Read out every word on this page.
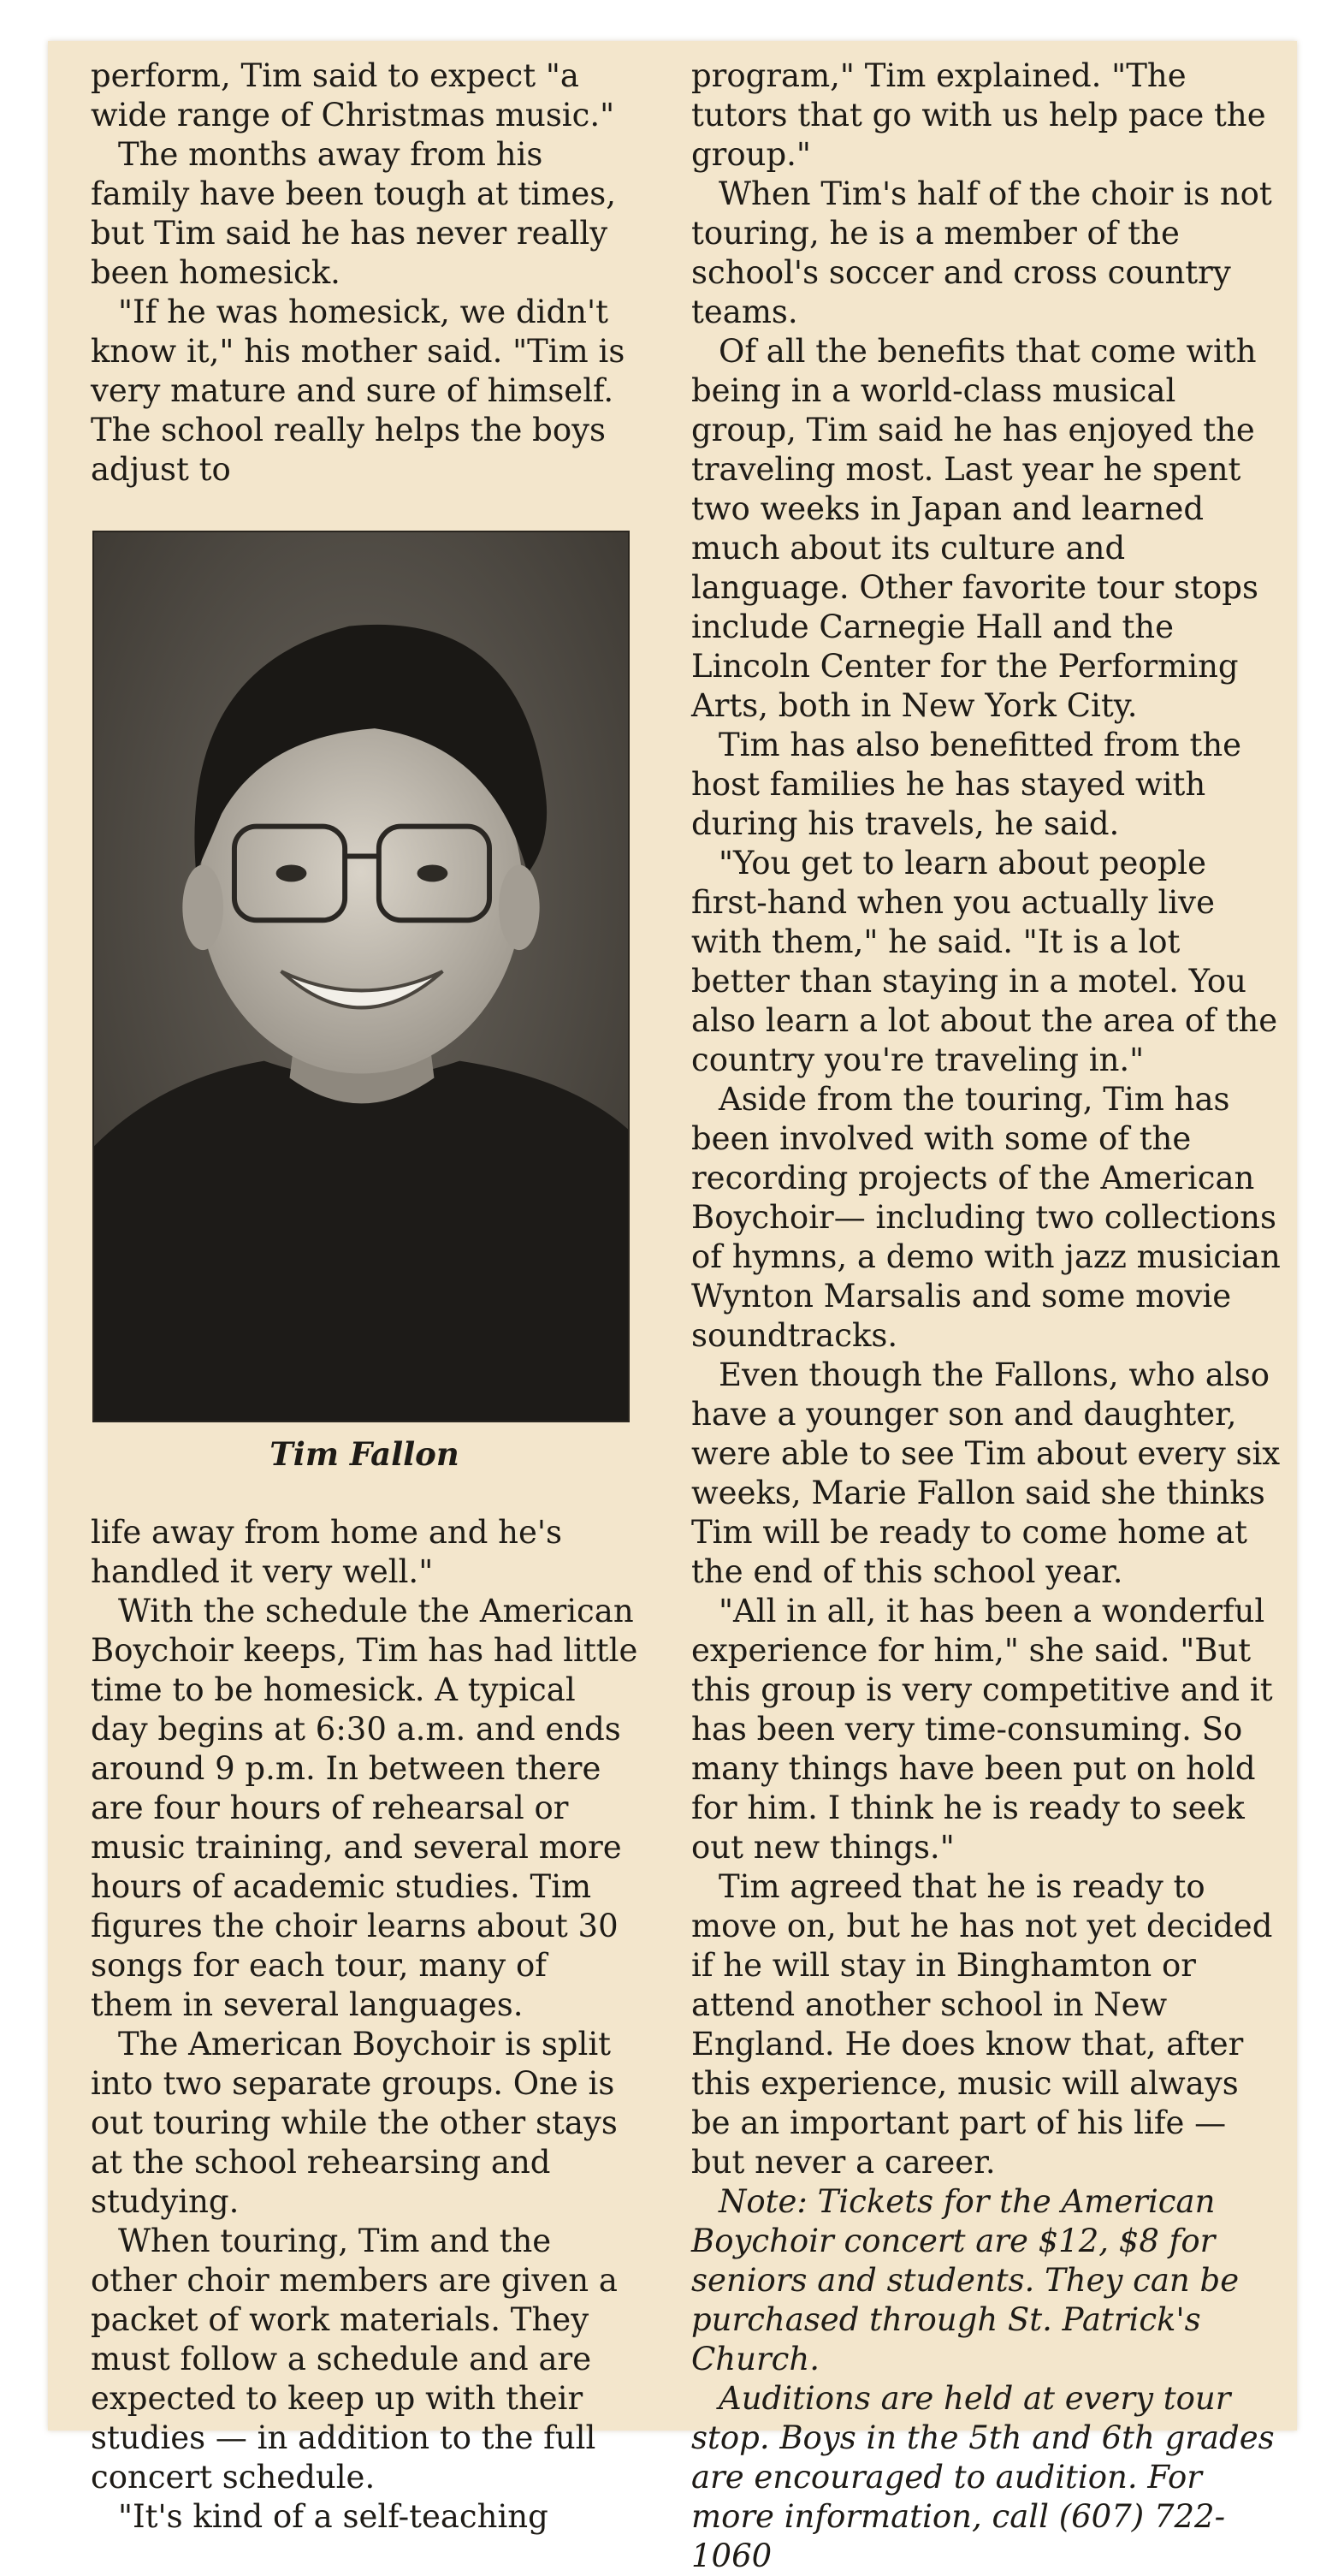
perform, Tim said to expect "a wide range of Christmas music."

The months away from his family have been tough at times, but Tim said he has never really been homesick.

"If he was homesick, we didn't know it," his mother said. "Tim is very mature and sure of himself. The school really helps the boys adjust to

Tim Fallon

life away from home and he's handled it very well."

With the schedule the American Boychoir keeps, Tim has had little time to be homesick. A typical day begins at 6:30 a.m. and ends around 9 p.m. In between there are four hours of rehearsal or music training, and several more hours of academic studies. Tim figures the choir learns about 30 songs for each tour, many of them in several languages.

The American Boychoir is split into two separate groups. One is out touring while the other stays at the school rehearsing and studying.

When touring, Tim and the other choir members are given a packet of work materials. They must follow a schedule and are expected to keep up with their studies — in addition to the full concert schedule.

"It's kind of a self-teaching

program," Tim explained. "The tutors that go with us help pace the group."

When Tim's half of the choir is not touring, he is a member of the school's soccer and cross country teams.

Of all the benefits that come with being in a world-class musical group, Tim said he has enjoyed the traveling most. Last year he spent two weeks in Japan and learned much about its culture and language. Other favorite tour stops include Carnegie Hall and the Lincoln Center for the Performing Arts, both in New York City.

Tim has also benefitted from the host families he has stayed with during his travels, he said.

"You get to learn about people first-hand when you actually live with them," he said. "It is a lot better than staying in a motel. You also learn a lot about the area of the country you're traveling in."

Aside from the touring, Tim has been involved with some of the recording projects of the American Boychoir— including two collections of hymns, a demo with jazz musician Wynton Marsalis and some movie soundtracks.

Even though the Fallons, who also have a younger son and daughter, were able to see Tim about every six weeks, Marie Fallon said she thinks Tim will be ready to come home at the end of this school year.

"All in all, it has been a wonderful experience for him," she said. "But this group is very competitive and it has been very time-consuming. So many things have been put on hold for him. I think he is ready to seek out new things."

Tim agreed that he is ready to move on, but he has not yet decided if he will stay in Binghamton or attend another school in New England. He does know that, after this experience, music will always be an important part of his life — but never a career.

Note: Tickets for the American Boychoir concert are $12, $8 for seniors and students. They can be purchased through St. Patrick's Church.

Auditions are held at every tour stop. Boys in the 5th and 6th grades are encouraged to audition. For more information, call (607) 722-1060
